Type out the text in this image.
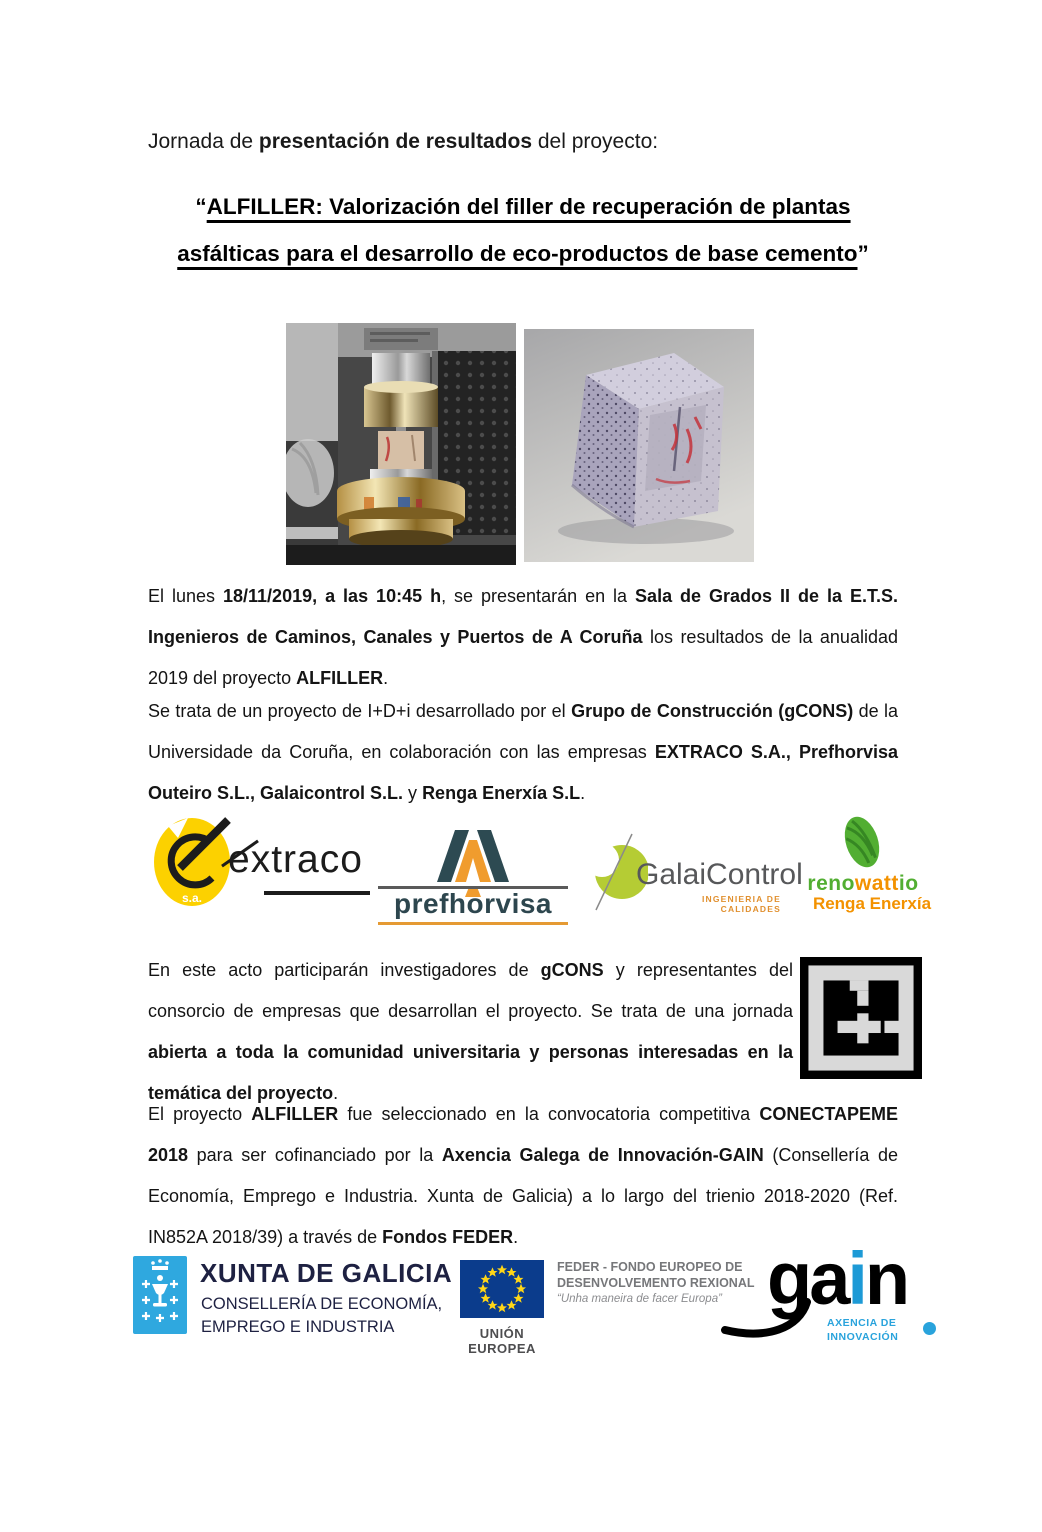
Jornada de presentación de resultados del proyecto:
“ALFILLER: Valorización del filler de recuperación de plantas asfálticas para el desarrollo de eco-productos de base cemento”

El lunes 18/11/2019, a las 10:45 h, se presentarán en la Sala de Grados II de la E.T.S. Ingenieros de Caminos, Canales y Puertos de A Coruña los resultados de la anualidad 2019 del proyecto ALFILLER.

Se trata de un proyecto de I+D+i desarrollado por el Grupo de Construcción (gCONS) de la Universidade da Coruña, en colaboración con las empresas EXTRACO S.A., Prefhorvisa Outeiro S.L., Galaicontrol S.L. y Renga Enerxía S.L.

s.a.
extraco
prefhorvisa
GalaiControl
INGENIERIA DE CALIDADES
renowattio
Renga Enerxía

En este acto participarán investigadores de gCONS y representantes del consorcio de empresas que desarrollan el proyecto. Se trata de una jornada abierta a toda la comunidad universitaria y personas interesadas en la temática del proyecto.

El proyecto ALFILLER fue seleccionado en la convocatoria competitiva CONECTAPEME 2018 para ser cofinanciado por la Axencia Galega de Innovación-GAIN (Consellería de Economía, Emprego e Industria. Xunta de Galicia) a lo largo del trienio 2018-2020 (Ref. IN852A 2018/39) a través de Fondos FEDER.

✚
✚
✚
✚
✚
✚
✚
XUNTA DE GALICIA
CONSELLERÍA DE ECONOMÍA,
EMPREGO E INDUSTRIA	UNIÓN EUROPEA
FEDER - FONDO EUROPEO DE
DESENVOLVEMENTO REXIONAL
“Unha maneira de facer Europa” gain
AXENCIA DE
INNOVACIÓN
